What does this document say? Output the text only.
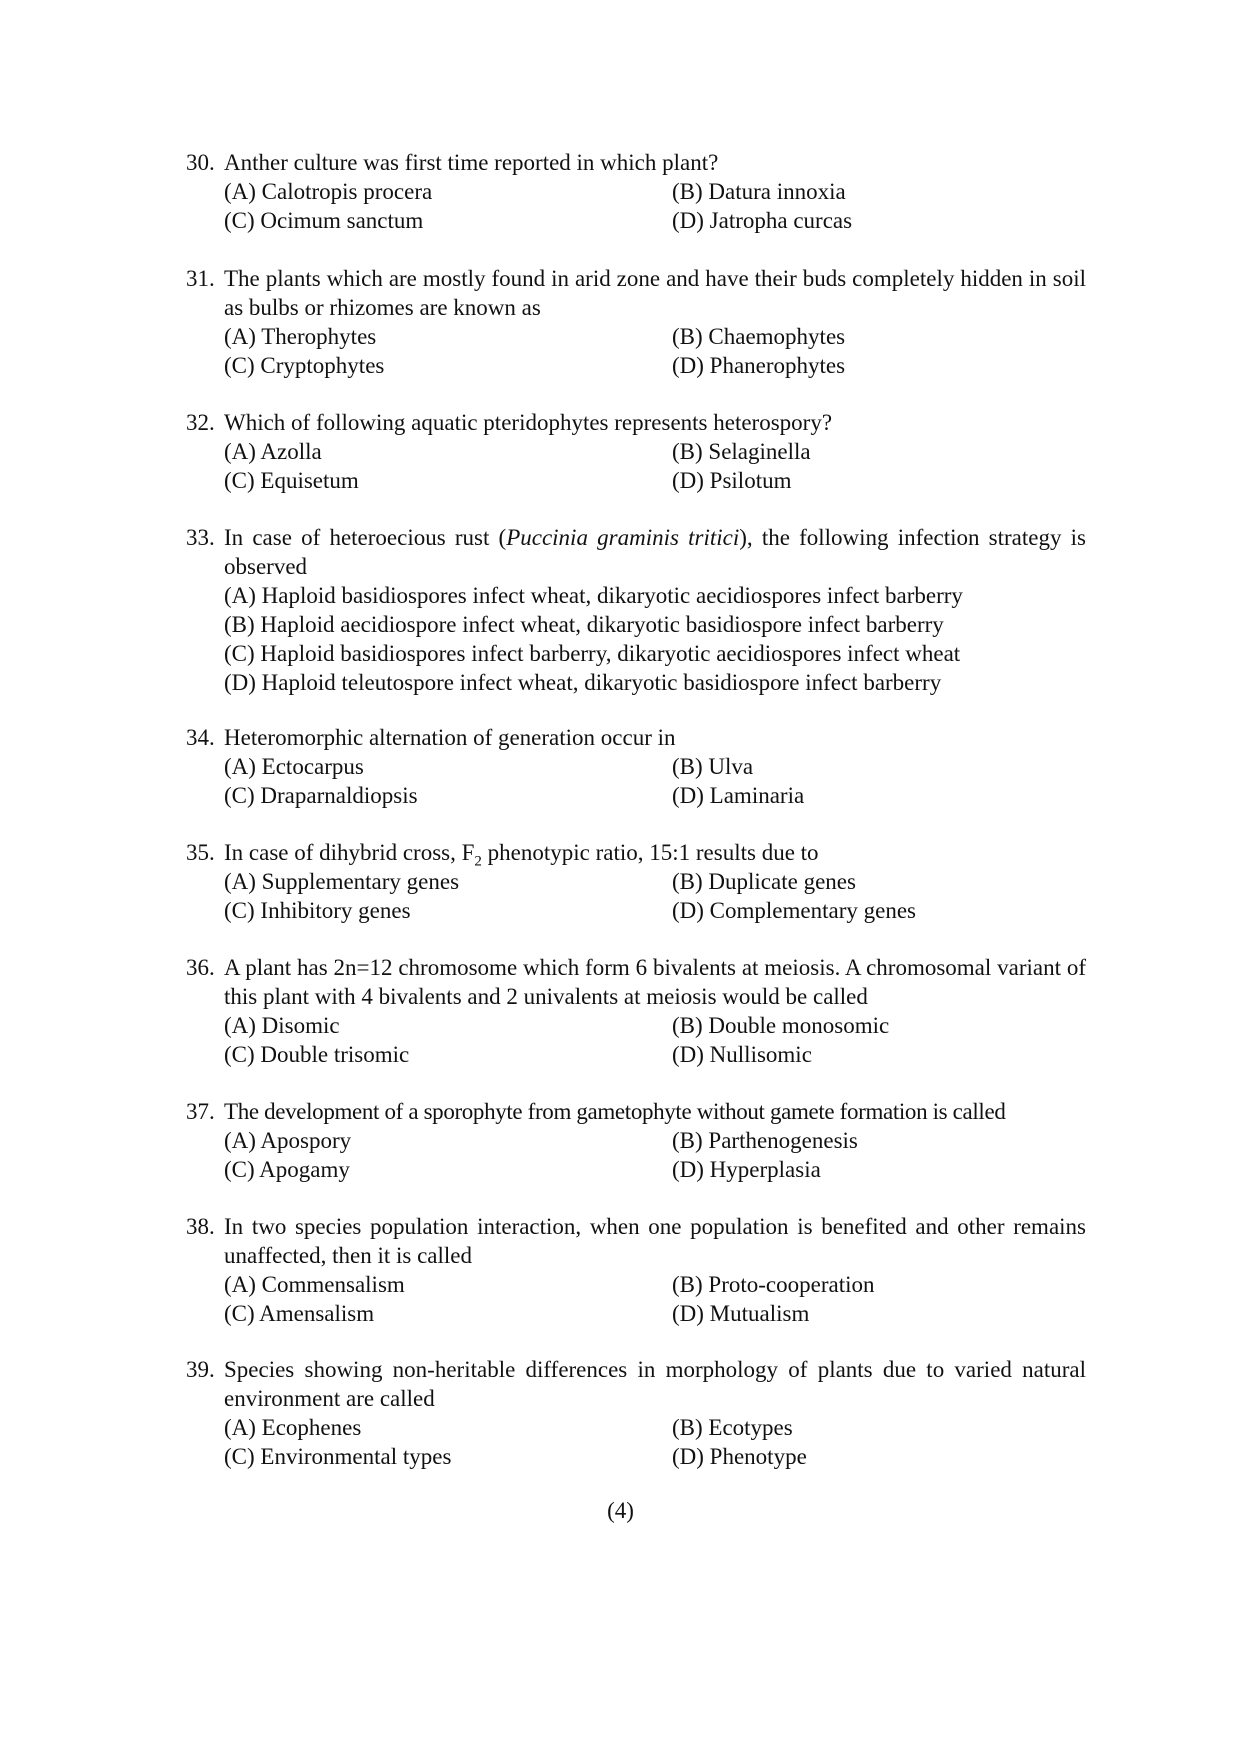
30. Anther culture was first time reported in which plant?
(A) Calotropis procera	(B) Datura innoxia
(C) Ocimum sanctum	(D) Jatropha curcas
31. The plants which are mostly found in arid zone and have their buds completely hidden in soil as bulbs or rhizomes are known as
(A) Therophytes	(B) Chaemophytes
(C) Cryptophytes	(D) Phanerophytes
32. Which of following aquatic pteridophytes represents heterospory?
(A) Azolla	(B) Selaginella
(C) Equisetum	(D) Psilotum
33. In case of heteroecious rust (Puccinia graminis tritici), the following infection strategy is observed
(A) Haploid basidiospores infect wheat, dikaryotic aecidiospores infect barberry
(B) Haploid aecidiospore infect wheat, dikaryotic basidiospore infect barberry
(C) Haploid basidiospores infect barberry, dikaryotic aecidiospores infect wheat
(D) Haploid teleutospore infect wheat, dikaryotic basidiospore infect barberry
34. Heteromorphic alternation of generation occur in
(A) Ectocarpus	(B) Ulva
(C) Draparnaldiopsis	(D) Laminaria
35. In case of dihybrid cross, $F_2$ phenotypic ratio, 15:1 results due to
(A) Supplementary genes	(B) Duplicate genes
(C) Inhibitory genes	(D) Complementary genes
36. A plant has 2n=12 chromosome which form 6 bivalents at meiosis. A chromosomal variant of this plant with 4 bivalents and 2 univalents at meiosis would be called
(A) Disomic	(B) Double monosomic
(C) Double trisomic	(D) Nullisomic
37. The development of a sporophyte from gametophyte without gamete formation is called
(A) Apospory	(B) Parthenogenesis
(C) Apogamy	(D) Hyperplasia
38. In two species population interaction, when one population is benefited and other remains unaffected, then it is called
(A) Commensalism	(B) Proto-cooperation
(C) Amensalism	(D) Mutualism
39. Species showing non-heritable differences in morphology of plants due to varied natural environment are called
(A) Ecophenes	(B) Ecotypes
(C) Environmental types	(D) Phenotype
(4)
